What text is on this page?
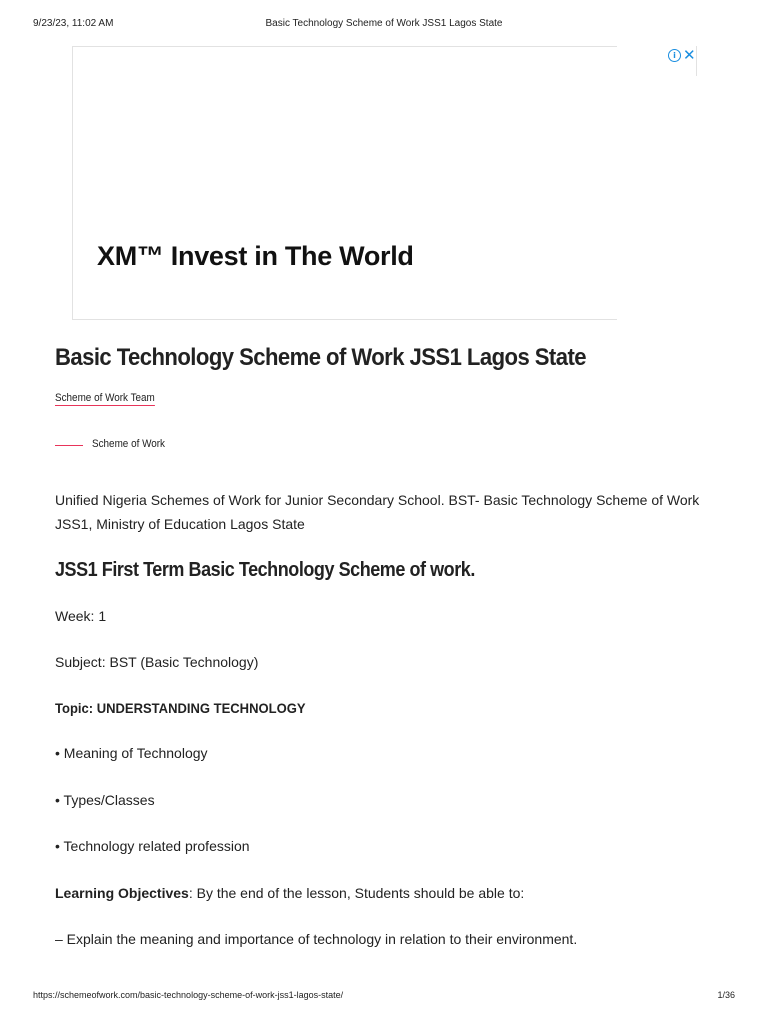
9/23/23, 11:02 AM	Basic Technology Scheme of Work JSS1 Lagos State
i ✕
XM™ Invest in The World
Basic Technology Scheme of Work JSS1 Lagos State
Scheme of Work Team
Scheme of Work

Unified Nigeria Schemes of Work for Junior Secondary School. BST- Basic Technology Scheme of Work JSS1, Ministry of Education Lagos State

JSS1 First Term Basic Technology Scheme of work.

Week: 1

Subject: BST (Basic Technology)

Topic: UNDERSTANDING TECHNOLOGY

• Meaning of Technology

• Types/Classes

• Technology related profession

Learning Objectives: By the end of the lesson, Students should be able to:

– Explain the meaning and importance of technology in relation to their environment.

https://schemeofwork.com/basic-technology-scheme-of-work-jss1-lagos-state/	1/36
